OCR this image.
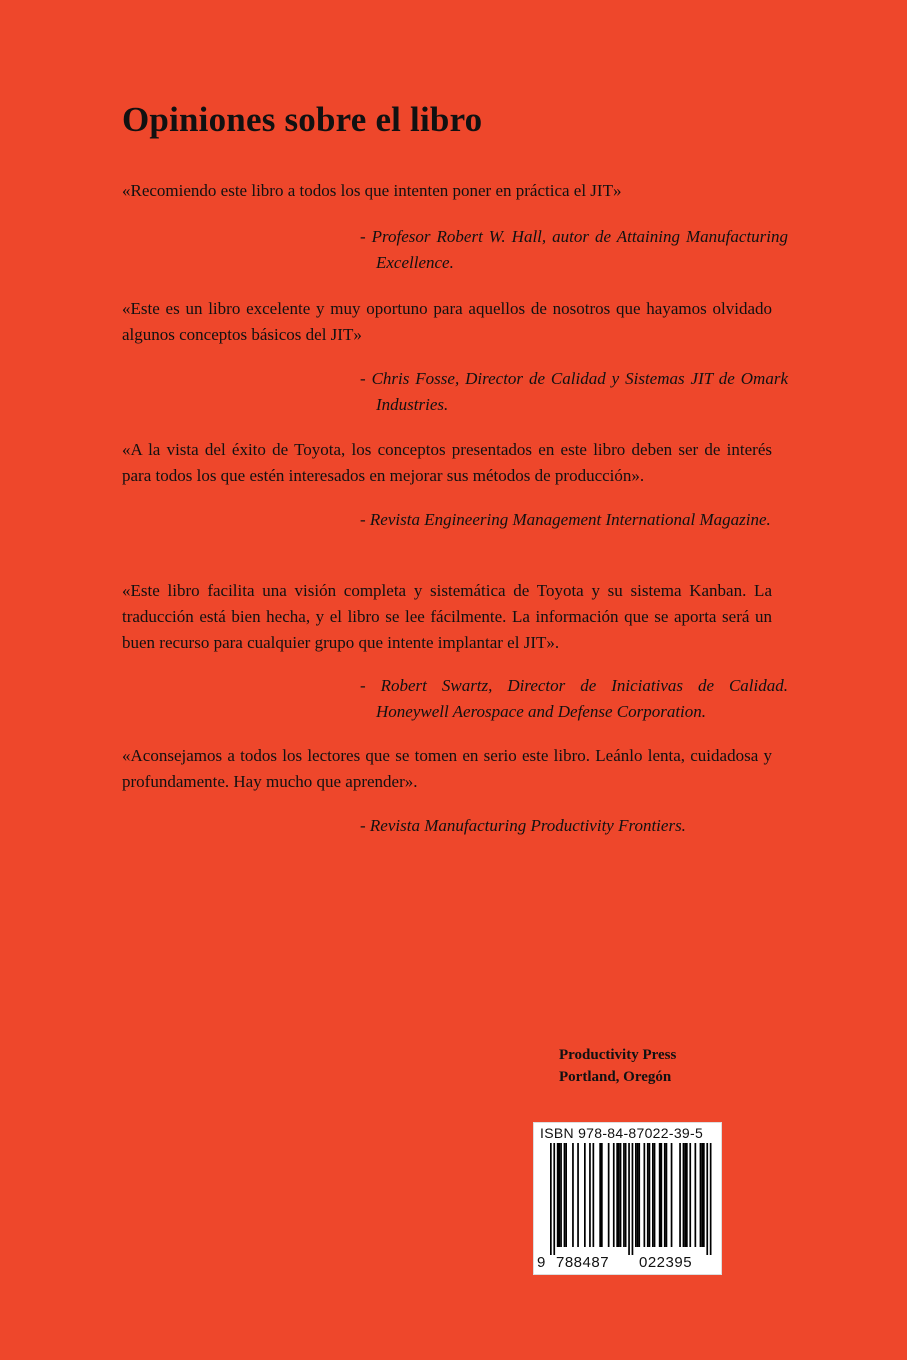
Opiniones sobre el libro

«Recomiendo este libro a todos los que intenten poner en práctica el JIT»

- Profesor Robert W. Hall, autor de Attaining Manufacturing Excellence.

«Este es un libro excelente y muy oportuno para aquellos de nosotros que hayamos olvidado algunos conceptos básicos del JIT»

- Chris Fosse, Director de Calidad y Sistemas JIT de Omark Industries.

«A la vista del éxito de Toyota, los conceptos presentados en este libro deben ser de interés para todos los que estén interesados en mejorar sus métodos de producción».

- Revista Engineering Management International Magazine.

«Este libro facilita una visión completa y sistemática de Toyota y su sistema Kanban. La traducción está bien hecha, y el libro se lee fácilmente. La información que se aporta será un buen recurso para cualquier grupo que intente implantar el JIT».

- Robert Swartz, Director de Iniciativas de Calidad. Honeywell Aerospace and Defense Corporation.

«Aconsejamos a todos los lectores que se tomen en serio este libro. Leánlo lenta, cuidadosa y profundamente. Hay mucho que aprender».

- Revista Manufacturing Productivity Frontiers.

Productivity Press
Portland, Oregón
ISBN 978-84-87022-39-5
9 788487 022395
